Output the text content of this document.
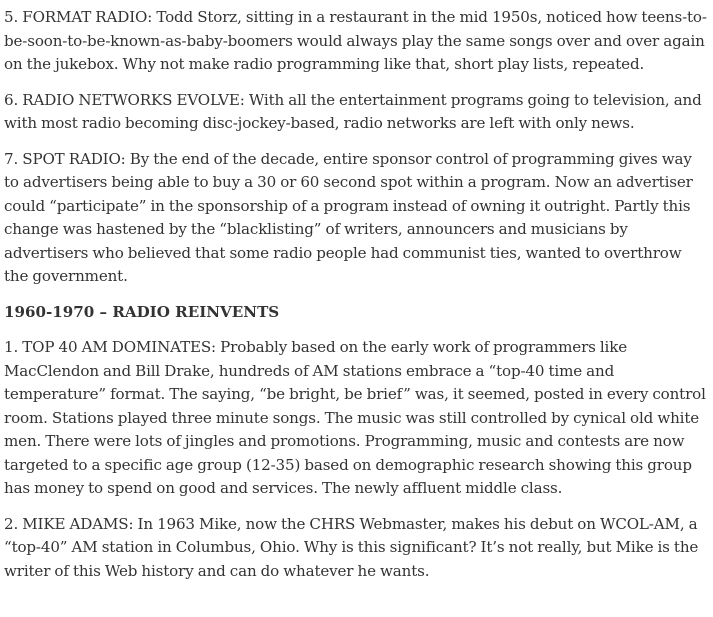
5. FORMAT RADIO: Todd Storz, sitting in a restaurant in the mid 1950s, noticed how teens-to-be-soon-to-be-known-as-baby-boomers would always play the same songs over and over again on the jukebox. Why not make radio programming like that, short play lists, repeated.

6. RADIO NETWORKS EVOLVE: With all the entertainment programs going to television, and with most radio becoming disc-jockey-based, radio networks are left with only news.

7. SPOT RADIO: By the end of the decade, entire sponsor control of programming gives way to advertisers being able to buy a 30 or 60 second spot within a program. Now an advertiser could “participate” in the sponsorship of a program instead of owning it outright. Partly this change was hastened by the “blacklisting” of writers, announcers and musicians by advertisers who believed that some radio people had communist ties, wanted to overthrow the government.

1960-1970 – RADIO REINVENTS

1. TOP 40 AM DOMINATES: Probably based on the early work of programmers like MacClendon and Bill Drake, hundreds of AM stations embrace a “top-40 time and temperature” format. The saying, “be bright, be brief” was, it seemed, posted in every control room. Stations played three minute songs. The music was still controlled by cynical old white men. There were lots of jingles and promotions. Programming, music and contests are now targeted to a specific age group (12-35) based on demographic research showing this group has money to spend on good and services. The newly affluent middle class.

2. MIKE ADAMS: In 1963 Mike, now the CHRS Webmaster, makes his debut on WCOL-AM, a “top-40” AM station in Columbus, Ohio. Why is this significant? It’s not really, but Mike is the writer of this Web history and can do whatever he wants.
